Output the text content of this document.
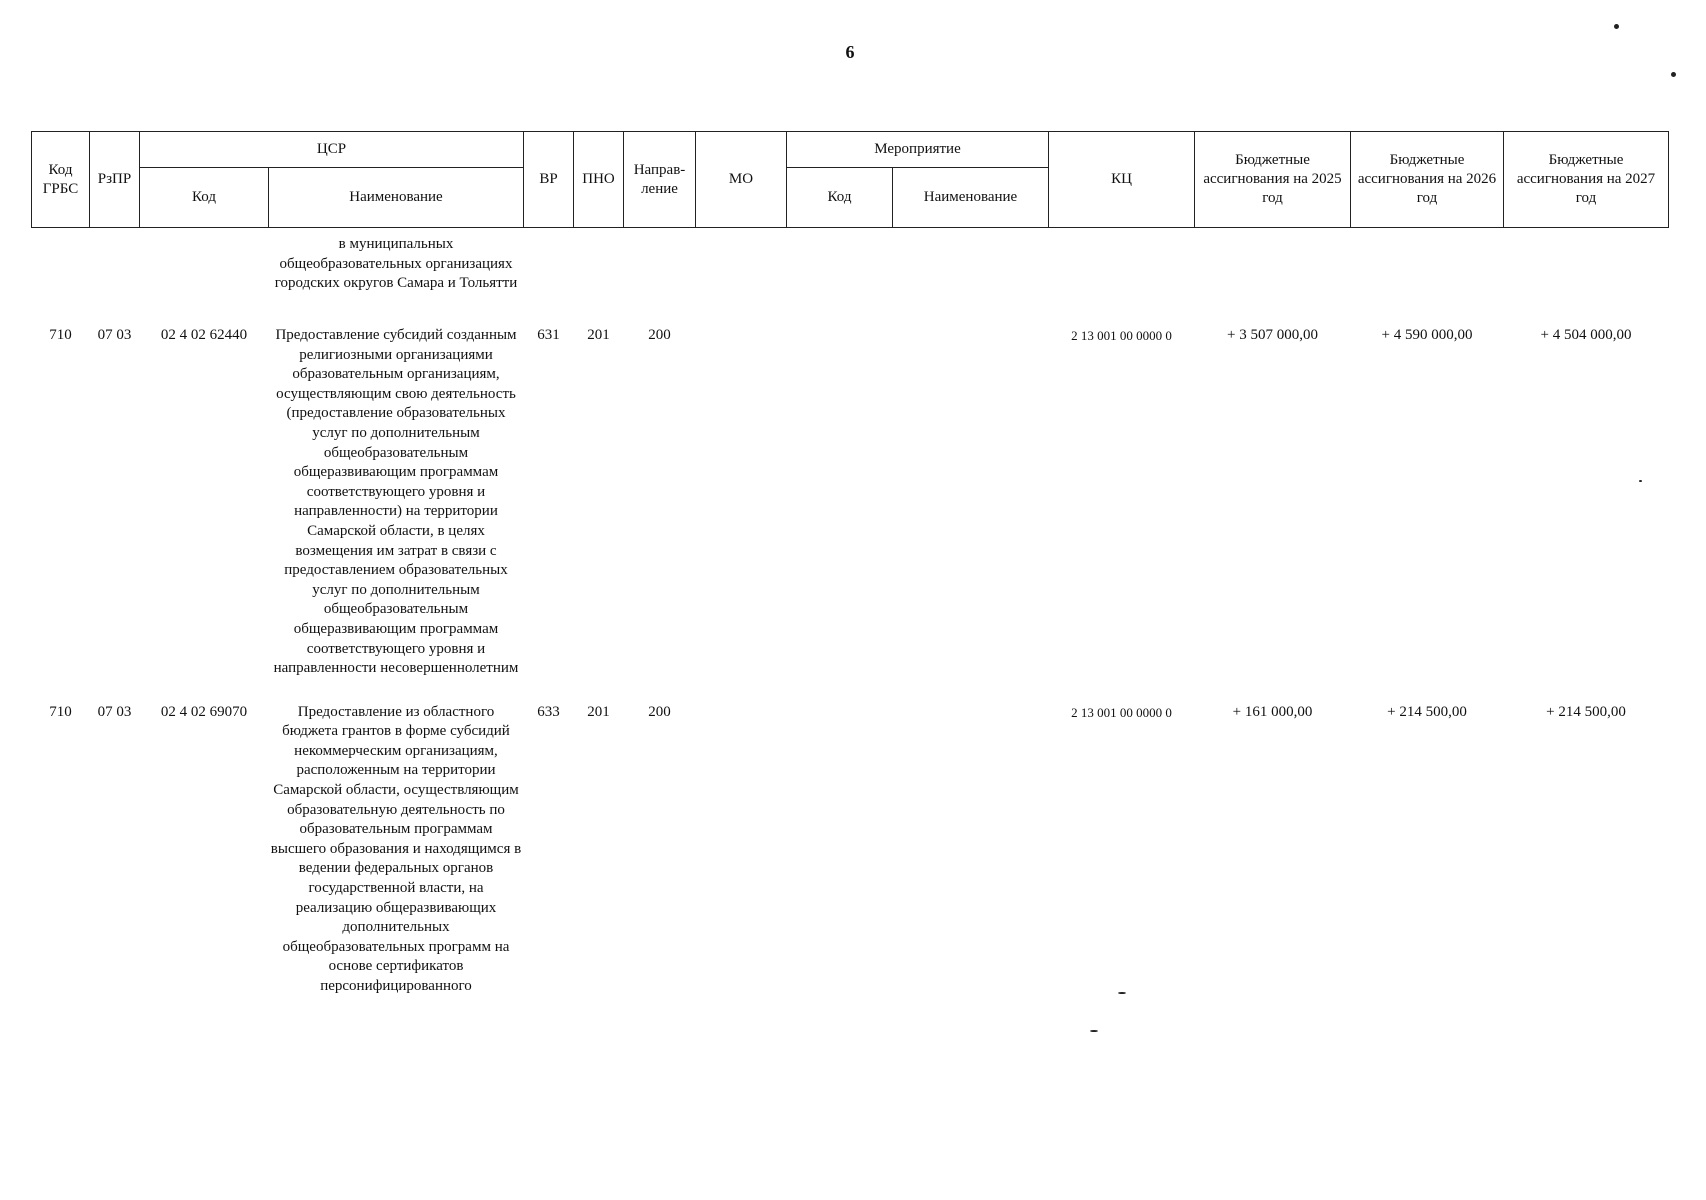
6
Код ГРБС	РзПР	ЦСР		ВР	ПНО	Направ-ление	МО	Мероприятие		КЦ	Бюджетные ассигнования на 2025 год	Бюджетные ассигнования на 2026 год	Бюджетные ассигнования на 2027 год
		Код	Наименование					Код	Наименование				
			в муниципальных общеобразовательных организациях городских округов Самара и Тольятти										
710	07 03	02 4 02 62440	Предоставление субсидий созданным религиозными организациями образовательным организациям, осуществляющим свою деятельность (предоставление образовательных услуг по дополнительным общеобразовательным общеразвивающим программам соответствующего уровня и направленности) на территории Самарской области, в целях возмещения им затрат в связи с предоставлением образовательных услуг по дополнительным общеобразовательным общеразвивающим программам соответствующего уровня и направленности несовершеннолетним	631	201	200				2 13 001 00 0000 0	+ 3 507 000,00	+ 4 590 000,00	+ 4 504 000,00
710	07 03	02 4 02 69070	Предоставление из областного бюджета грантов в форме субсидий некоммерческим организациям, расположенным на территории Самарской области, осуществляющим образовательную деятельность по образовательным программам высшего образования и находящимся в ведении федеральных органов государственной власти, на реализацию общеразвивающих дополнительных общеобразовательных программ на основе сертификатов персонифицированного	633	201	200				2 13 001 00 0000 0	+ 161 000,00	+ 214 500,00	+ 214 500,00
